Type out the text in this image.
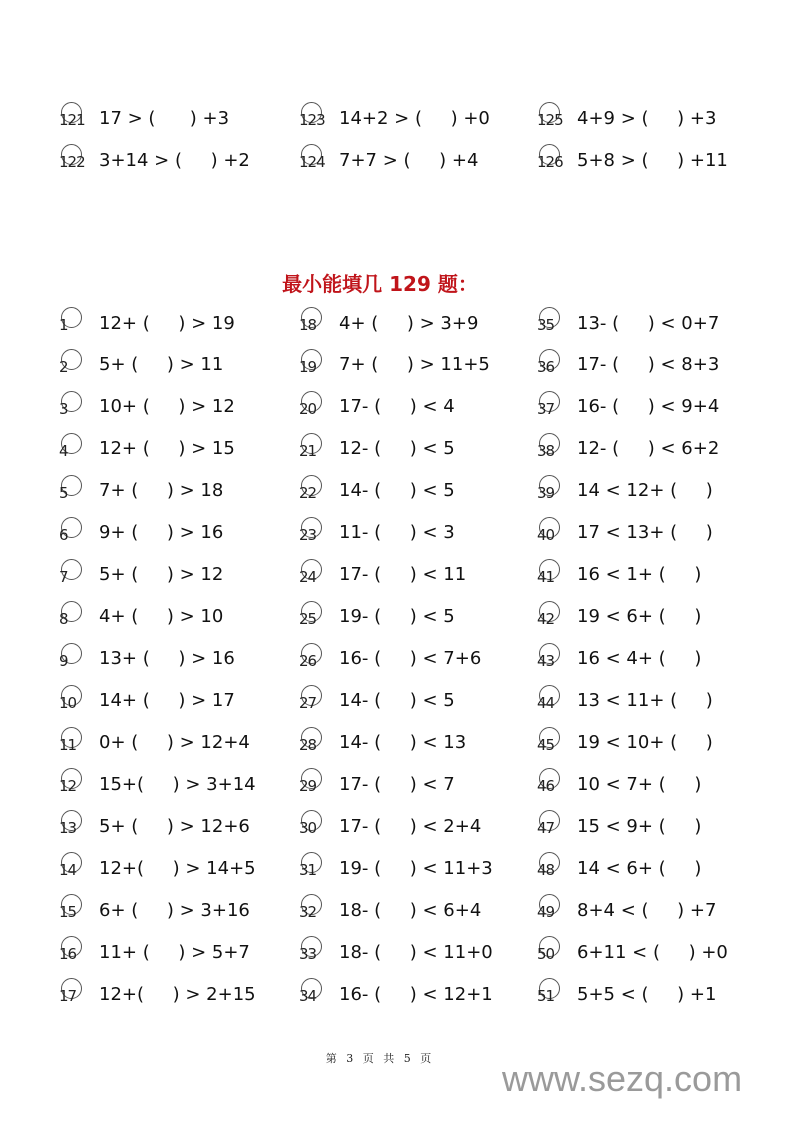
121 17 > (      ) +3	123 14+2 > (     ) +0	125 4+9 > (     ) +3
122 3+14 > (     ) +2	124 7+7 > (     ) +4	126 5+8 > (     ) +11
最小能填几 129 题：
1 12+ (     ) > 19
2 5+ (     ) > 11
3 10+ (     ) > 12
4 12+ (     ) > 15
5 7+ (     ) > 18
6 9+ (     ) > 16
7 5+ (     ) > 12
8 4+ (     ) > 10
9 13+ (     ) > 16
10 14+ (     ) > 17
11 0+ (     ) > 12+4
12 15+(     ) > 3+14
13 5+ (     ) > 12+6
14 12+(     ) > 14+5
15 6+ (     ) > 3+16
16 11+ (     ) > 5+7
17 12+(     ) > 2+15
18 4+ (     ) > 3+9
19 7+ (     ) > 11+5
20 17- (     ) < 4
21 12- (     ) < 5
22 14- (     ) < 5
23 11- (     ) < 3
24 17- (     ) < 11
25 19- (     ) < 5
26 16- (     ) < 7+6
27 14- (     ) < 5
28 14- (     ) < 13
29 17- (     ) < 7
30 17- (     ) < 2+4
31 19- (     ) < 11+3
32 18- (     ) < 6+4
33 18- (     ) < 11+0
34 16- (     ) < 12+1
35 13- (     ) < 0+7
36 17- (     ) < 8+3
37 16- (     ) < 9+4
38 12- (     ) < 6+2
39 14 < 12+ (     )
40 17 < 13+ (     )
41 16 < 1+ (     )
42 19 < 6+ (     )
43 16 < 4+ (     )
44 13 < 11+ (     )
45 19 < 10+ (     )
46 10 < 7+ (     )
47 15 < 9+ (     )
48 14 < 6+ (     )
49 8+4 < (     ) +7
50 6+11 < (     ) +0
51 5+5 < (     ) +1
第 3 页 共 5 页	www.sezq.com
